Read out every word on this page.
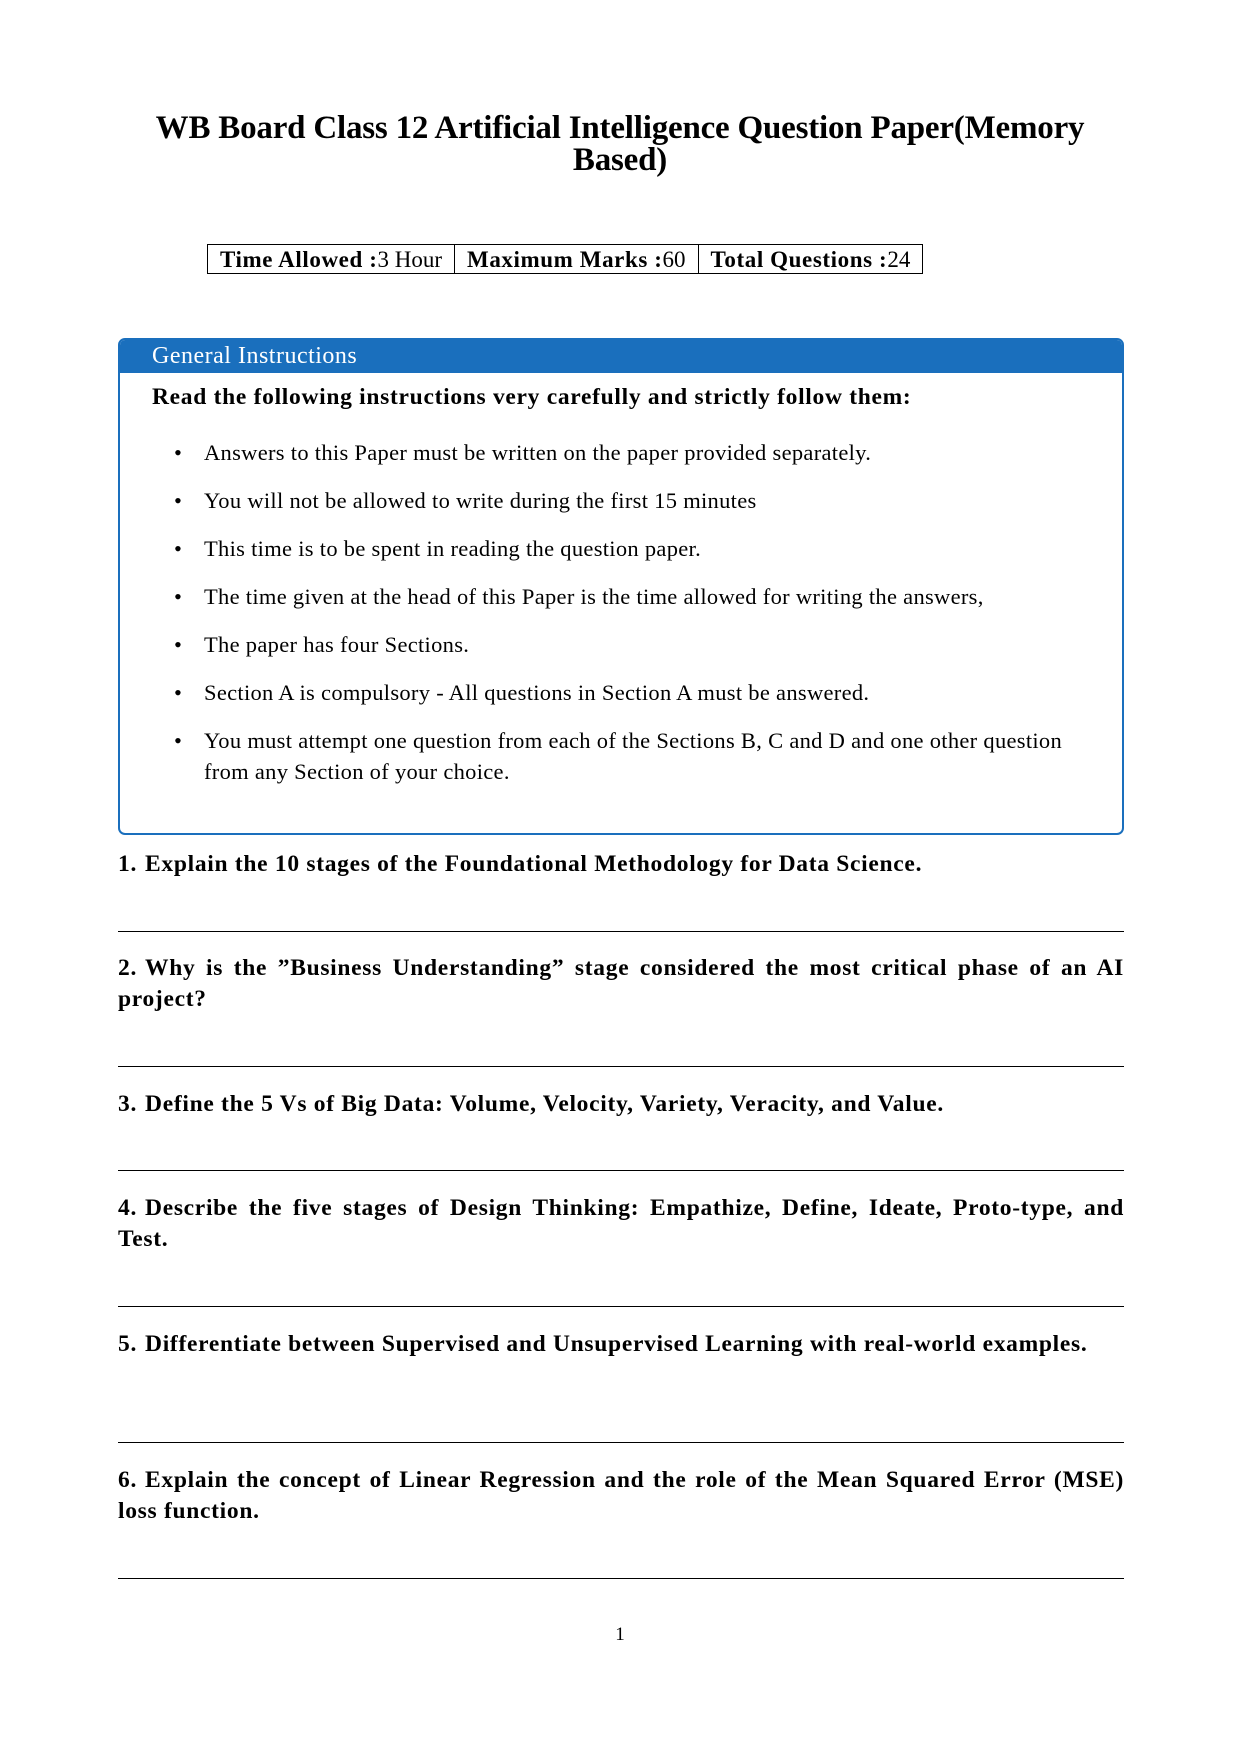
WB Board Class 12 Artificial Intelligence Question Paper(Memory Based)
Time Allowed :3 Hour	Maximum Marks :60	Total Questions :24
General Instructions
Read the following instructions very carefully and strictly follow them:
• Answers to this Paper must be written on the paper provided separately.
• You will not be allowed to write during the first 15 minutes
• This time is to be spent in reading the question paper.
• The time given at the head of this Paper is the time allowed for writing the answers,
• The paper has four Sections.
• Section A is compulsory - All questions in Section A must be answered.
• You must attempt one question from each of the Sections B, C and D and one other question from any Section of your choice.
1. Explain the 10 stages of the Foundational Methodology for Data Science.
2. Why is the ”Business Understanding” stage considered the most critical phase of an AI project?
3. Define the 5 Vs of Big Data: Volume, Velocity, Variety, Veracity, and Value.
4. Describe the five stages of Design Thinking: Empathize, Define, Ideate, Proto-type, and Test.
5. Differentiate between Supervised and Unsupervised Learning with real-world examples.
6. Explain the concept of Linear Regression and the role of the Mean Squared Error (MSE) loss function.
1
